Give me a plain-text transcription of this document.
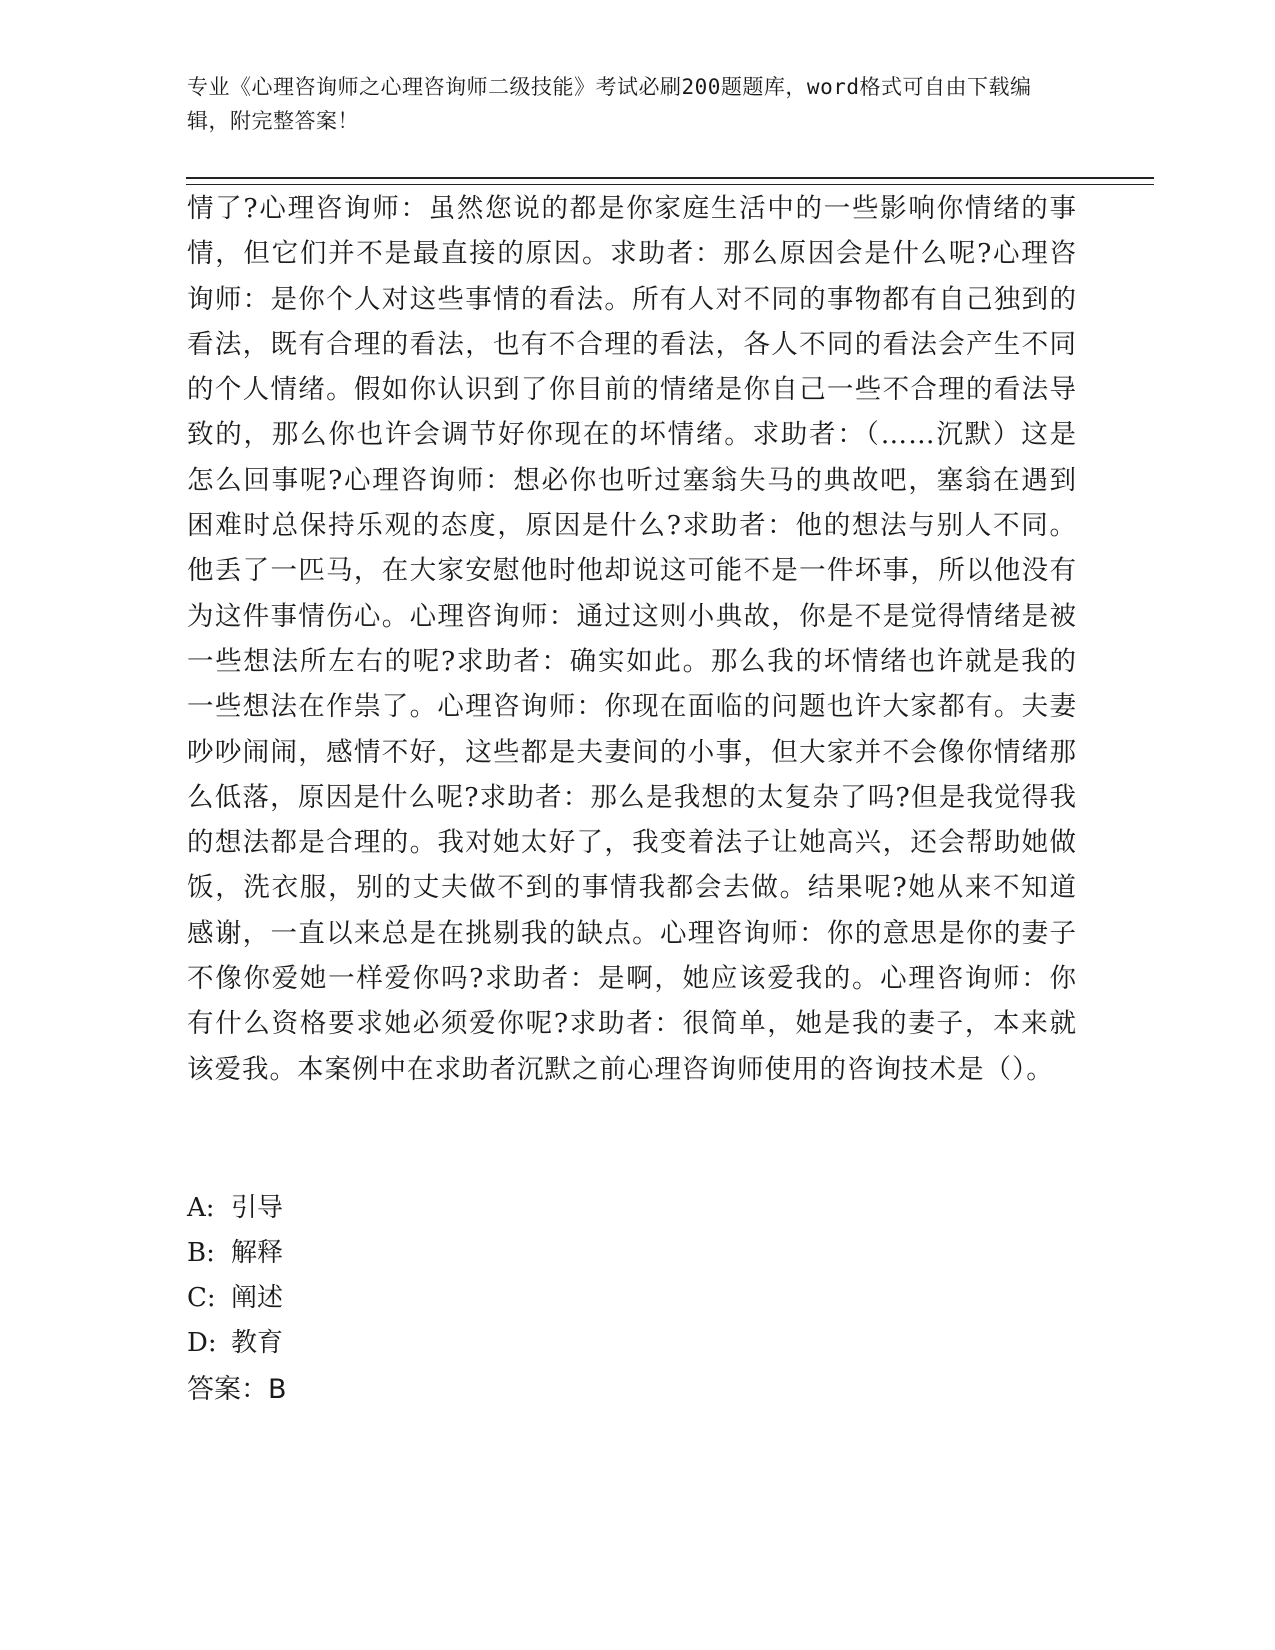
专业《心理咨询师之心理咨询师二级技能》考试必刷200题题库，word格式可自由下载编辑，附完整答案！
情了?心理咨询师：虽然您说的都是你家庭生活中的一些影响你情绪的事情，但它们并不是最直接的原因。求助者：那么原因会是什么呢?心理咨询师：是你个人对这些事情的看法。所有人对不同的事物都有自己独到的看法，既有合理的看法，也有不合理的看法，各人不同的看法会产生不同的个人情绪。假如你认识到了你目前的情绪是你自己一些不合理的看法导致的，那么你也许会调节好你现在的坏情绪。求助者：（……沉默）这是怎么回事呢?心理咨询师：想必你也听过塞翁失马的典故吧，塞翁在遇到困难时总保持乐观的态度，原因是什么?求助者：他的想法与别人不同。他丢了一匹马，在大家安慰他时他却说这可能不是一件坏事，所以他没有为这件事情伤心。心理咨询师：通过这则小典故，你是不是觉得情绪是被一些想法所左右的呢?求助者：确实如此。那么我的坏情绪也许就是我的一些想法在作祟了。心理咨询师：你现在面临的问题也许大家都有。夫妻吵吵闹闹，感情不好，这些都是夫妻间的小事，但大家并不会像你情绪那么低落，原因是什么呢?求助者：那么是我想的太复杂了吗?但是我觉得我的想法都是合理的。我对她太好了，我变着法子让她高兴，还会帮助她做饭，洗衣服，别的丈夫做不到的事情我都会去做。结果呢?她从来不知道感谢，一直以来总是在挑剔我的缺点。心理咨询师：你的意思是你的妻子不像你爱她一样爱你吗?求助者：是啊，她应该爱我的。心理咨询师：你有什么资格要求她必须爱你呢?求助者：很简单，她是我的妻子，本来就该爱我。本案例中在求助者沉默之前心理咨询师使用的咨询技术是（）。
A: 引导
B: 解释
C: 阐述
D: 教育
答案：B
